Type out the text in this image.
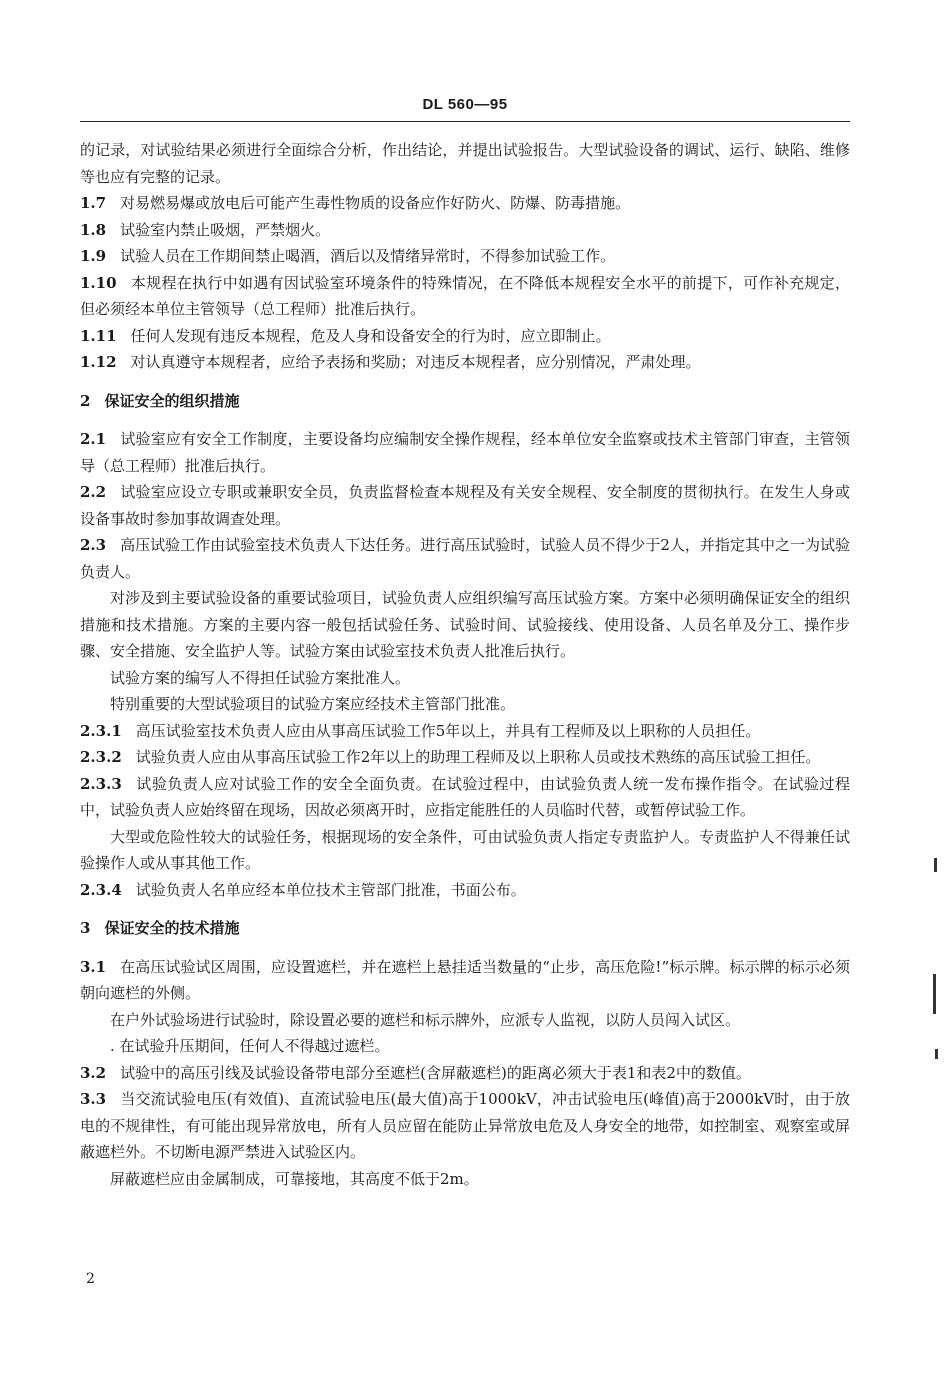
DL 560—95

的记录，对试验结果必须进行全面综合分析，作出结论，并提出试验报告。大型试验设备的调试、运行、缺陷、维修等也应有完整的记录。

1.7 对易燃易爆或放电后可能产生毒性物质的设备应作好防火、防爆、防毒措施。

1.8 试验室内禁止吸烟，严禁烟火。

1.9 试验人员在工作期间禁止喝酒，酒后以及情绪异常时，不得参加试验工作。

1.10 本规程在执行中如遇有因试验室环境条件的特殊情况，在不降低本规程安全水平的前提下，可作补充规定，但必须经本单位主管领导（总工程师）批准后执行。

1.11 任何人发现有违反本规程，危及人身和设备安全的行为时，应立即制止。

1.12 对认真遵守本规程者，应给予表扬和奖励；对违反本规程者，应分别情况，严肃处理。

2 保证安全的组织措施

2.1 试验室应有安全工作制度，主要设备均应编制安全操作规程，经本单位安全监察或技术主管部门审查，主管领导（总工程师）批准后执行。

2.2 试验室应设立专职或兼职安全员，负责监督检查本规程及有关安全规程、安全制度的贯彻执行。在发生人身或设备事故时参加事故调查处理。

2.3 高压试验工作由试验室技术负责人下达任务。进行高压试验时，试验人员不得少于2人，并指定其中之一为试验负责人。

对涉及到主要试验设备的重要试验项目，试验负责人应组织编写高压试验方案。方案中必须明确保证安全的组织措施和技术措施。方案的主要内容一般包括试验任务、试验时间、试验接线、使用设备、人员名单及分工、操作步骤、安全措施、安全监护人等。试验方案由试验室技术负责人批准后执行。

试验方案的编写人不得担任试验方案批准人。

特别重要的大型试验项目的试验方案应经技术主管部门批准。

2.3.1 高压试验室技术负责人应由从事高压试验工作5年以上，并具有工程师及以上职称的人员担任。

2.3.2 试验负责人应由从事高压试验工作2年以上的助理工程师及以上职称人员或技术熟练的高压试验工担任。

2.3.3 试验负责人应对试验工作的安全全面负责。在试验过程中，由试验负责人统一发布操作指令。在试验过程中，试验负责人应始终留在现场，因故必须离开时，应指定能胜任的人员临时代替，或暂停试验工作。

大型或危险性较大的试验任务，根据现场的安全条件，可由试验负责人指定专责监护人。专责监护人不得兼任试验操作人或从事其他工作。

2.3.4 试验负责人名单应经本单位技术主管部门批准，书面公布。

3 保证安全的技术措施

3.1 在高压试验试区周围，应设置遮栏，并在遮栏上悬挂适当数量的“止步，高压危险!”标示牌。标示牌的标示必须朝向遮栏的外侧。

在户外试验场进行试验时，除设置必要的遮栏和标示牌外，应派专人监视，以防人员闯入试区。

. 在试验升压期间，任何人不得越过遮栏。

3.2 试验中的高压引线及试验设备带电部分至遮栏(含屏蔽遮栏)的距离必须大于表1和表2中的数值。

3.3 当交流试验电压(有效值)、直流试验电压(最大值)高于1000kV，冲击试验电压(峰值)高于2000kV时，由于放电的不规律性，有可能出现异常放电，所有人员应留在能防止异常放电危及人身安全的地带，如控制室、观察室或屏蔽遮栏外。不切断电源严禁进入试验区内。

屏蔽遮栏应由金属制成，可靠接地，其高度不低于2m。

2
